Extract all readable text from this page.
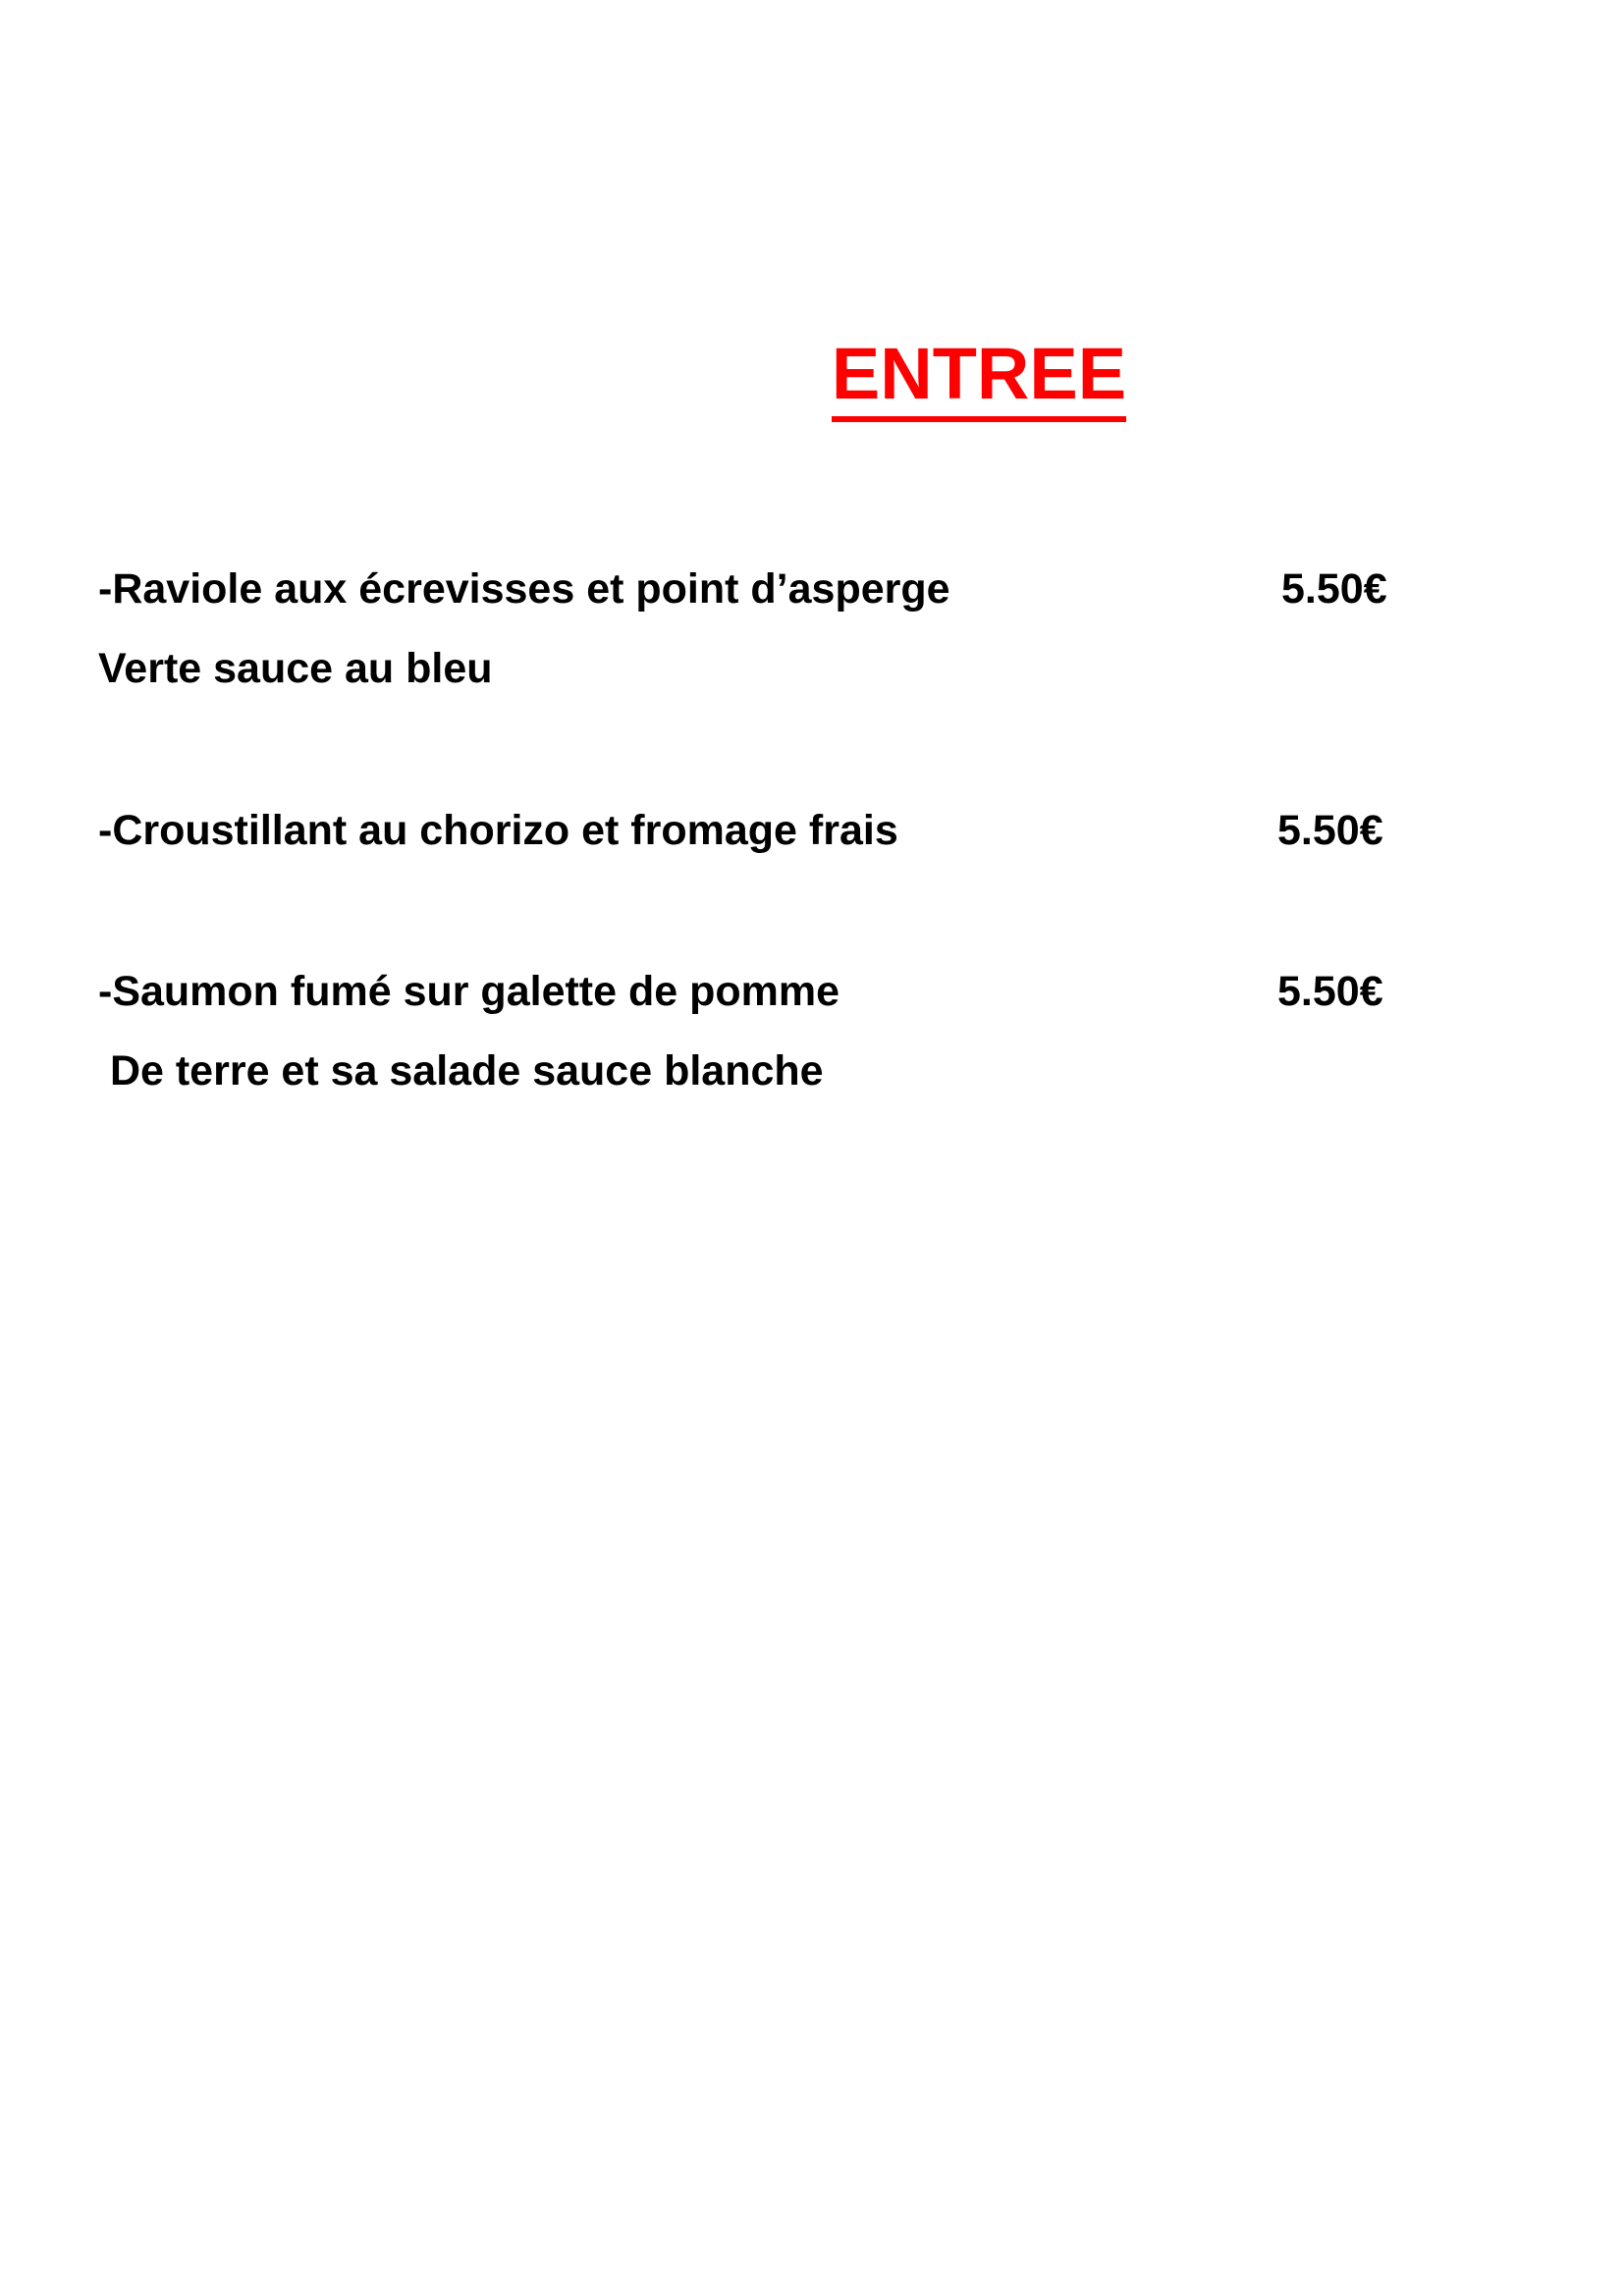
ENTREE
-Raviole aux écrevisses et point d’asperge	5.50€
Verte sauce au bleu
-Croustillant au chorizo et fromage frais	5.50€
-Saumon fumé sur galette de pomme	5.50€
De terre et sa salade sauce blanche
